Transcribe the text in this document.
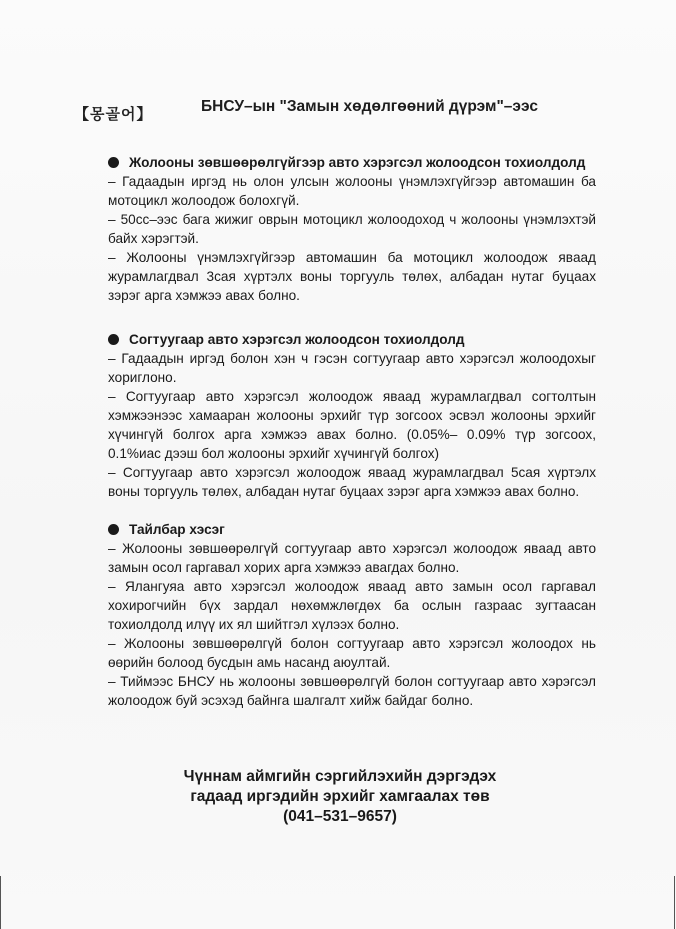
【몽골어】	БНСУ–ын "Замын хөдөлгөөний дүрэм"–ээс
Жолооны зөвшөөрөлгүйгээр авто хэрэгсэл жолоодсон тохиолдолд

– Гадаадын иргэд нь олон улсын жолооны үнэмлэхгүйгээр автомашин ба мотоцикл жолоодож болохгүй.

– 50cc–ээс бага жижиг оврын мотоцикл жолоодоход ч жолооны үнэмлэхтэй байх хэрэгтэй.

– Жолооны үнэмлэхгүйгээр автомашин ба мотоцикл жолоодож явaад журамлагдвал 3сая хүртэлх воны торгууль төлөх, албадан нутаг буцаах зэрэг арга хэмжээ авах болно.

Согтуугаар авто хэрэгсэл жолоодсон тохиолдолд

– Гадаадын иргэд болон хэн ч гэсэн согтуугаар авто хэрэгсэл жолоодохыг хориглоно.

– Согтуугаар авто хэрэгсэл жолоодож явaад журамлагдвал согтолтын хэмжээнээс хамааран жолооны эрхийг түр зогсоох эсвэл жолооны эрхийг хүчингүй болгох арга хэмжээ авах болно. (0.05%– 0.09% түр зогсоох, 0.1%иас дээш бол жолооны эрхийг хүчингүй болгох)

– Согтуугаар авто хэрэгсэл жолоодож явaад журамлагдвал 5сая хүртэлх воны торгууль төлөх, албадан нутаг буцаах зэрэг арга хэмжээ авах болно.

Тайлбар хэсэг

– Жолооны зөвшөөрөлгүй согтуугаар авто хэрэгсэл жолоодож явaад авто замын осол гаргавал хорих арга хэмжээ авагдах болно.

– Ялангуяа авто хэрэгсэл жолоодож явaад авто замын осол гаргавал хохирогчийн бүх зардал нөхөмжлөгдөх ба ослын газраас зугтаасан тохиолдолд илүү их ял шийтгэл хүлээх болно.

– Жолооны зөвшөөрөлгүй болон согтуугаар авто хэрэгсэл жолоодох нь өөрийн болоод бусдын амь насанд аюултай.

– Тиймээс БНСУ нь жолооны зөвшөөрөлгүй болон согтуугаар авто хэрэгсэл жолоодож буй эсэхэд байнга шалгалт хийж байдаг болно.

Чүннам аймгийн сэргийлэхийн дэргэдэх
гадаад иргэдийн эрхийг хамгаалах төв
(041–531–9657)
